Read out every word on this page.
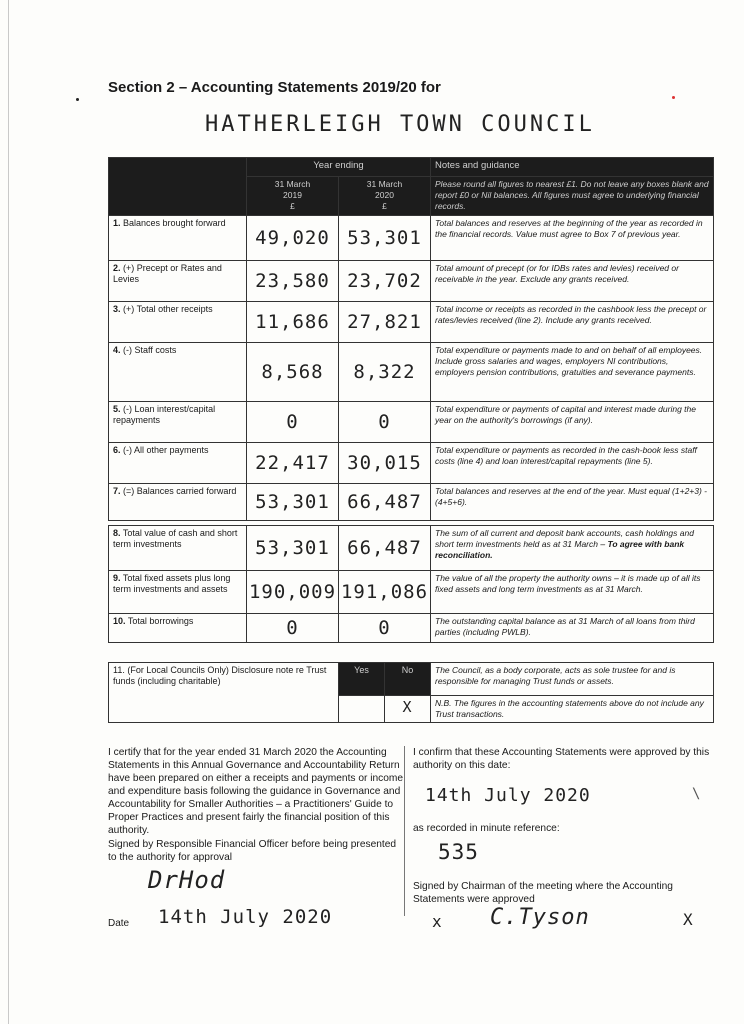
Section 2 – Accounting Statements 2019/20 for
HATHERLEIGH TOWN COUNCIL
	Year ending		Notes and guidance
	31 March
2019
£	31 March
2020
£	Please round all figures to nearest £1. Do not leave any boxes blank and report £0 or Nil balances. All figures must agree to underlying financial records.
1. Balances brought forward	49,020	53,301	Total balances and reserves at the beginning of the year as recorded in the financial records. Value must agree to Box 7 of previous year.
2. (+) Precept or Rates and Levies	23,580	23,702	Total amount of precept (or for IDBs rates and levies) received or receivable in the year. Exclude any grants received.
3. (+) Total other receipts	11,686	27,821	Total income or receipts as recorded in the cashbook less the precept or rates/levies received (line 2). Include any grants received.
4. (-) Staff costs	8,568	8,322	Total expenditure or payments made to and on behalf of all employees. Include gross salaries and wages, employers NI contributions, employers pension contributions, gratuities and severance payments.
5. (-) Loan interest/capital repayments	0	0	Total expenditure or payments of capital and interest made during the year on the authority's borrowings (if any).
6. (-) All other payments	22,417	30,015	Total expenditure or payments as recorded in the cash-book less staff costs (line 4) and loan interest/capital repayments (line 5).
7. (=) Balances carried forward	53,301	66,487	Total balances and reserves at the end of the year. Must equal (1+2+3) - (4+5+6).

8. Total value of cash and short term investments	53,301	66,487	The sum of all current and deposit bank accounts, cash holdings and short term investments held as at 31 March – To agree with bank reconciliation.
9. Total fixed assets plus long term investments and assets	190,009	191,086	The value of all the property the authority owns – it is made up of all its fixed assets and long term investments as at 31 March.
10. Total borrowings	0	0	The outstanding capital balance as at 31 March of all loans from third parties (including PWLB).
11. (For Local Councils Only) Disclosure note re Trust funds (including charitable)	Yes	No	The Council, as a body corporate, acts as sole trustee for and is responsible for managing Trust funds or assets.
		X	N.B. The figures in the accounting statements above do not include any Trust transactions.
I certify that for the year ended 31 March 2020 the Accounting Statements in this Annual Governance and Accountability Return have been prepared on either a receipts and payments or income and expenditure basis following the guidance in Governance and Accountability for Smaller Authorities – a Practitioners' Guide to Proper Practices and present fairly the financial position of this authority.
Signed by Responsible Financial Officer before being presented to the authority for approval
DrHod
Date 14th July 2020
I confirm that these Accounting Statements were approved by this authority on this date:
14th July 2020	\
as recorded in minute reference:
535
Signed by Chairman of the meeting where the Accounting Statements were approved
x C.Tyson	X
